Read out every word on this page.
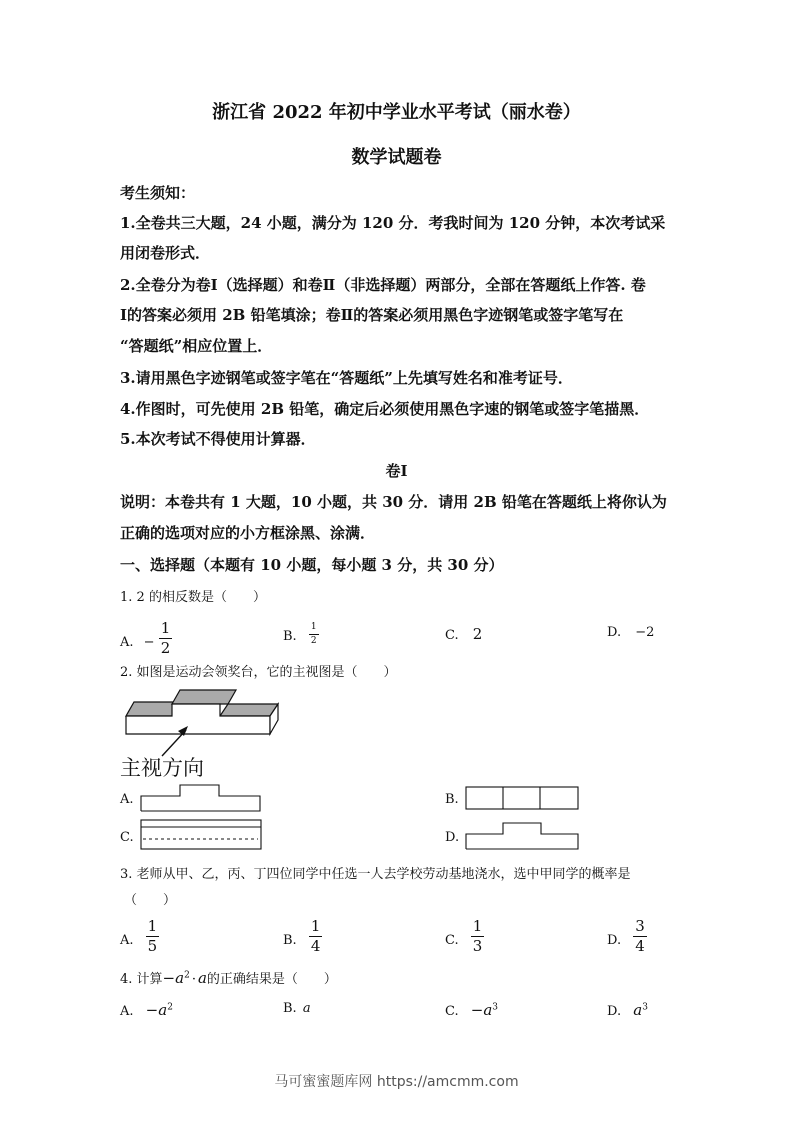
浙江省 2022 年初中学业水平考试（丽水卷）
数学试题卷
考生须知：
1.全卷共三大题，24 小题，满分为 120 分．考我时间为 120 分钟，本次考试采
用闭卷形式．
2.全卷分为卷Ⅰ（选择题）和卷Ⅱ（非选择题）两部分，全部在答题纸上作答. 卷
Ⅰ的答案必须用 2B 铅笔填涂；卷Ⅱ的答案必须用黑色字迹钢笔或签字笔写在
“答题纸”相应位置上．
3.请用黑色字迹钢笔或签字笔在“答题纸”上先填写姓名和准考证号．
4.作图时，可先使用 2B 铅笔，确定后必须使用黑色字速的钢笔或签字笔描黑．
5.本次考试不得使用计算器．
卷Ⅰ
说明：本卷共有 1 大题，10 小题，共 30 分．请用 2B 铅笔在答题纸上将你认为
正确的选项对应的小方框涂黑、涂满．
一、选择题（本题有 10 小题，每小题 3 分，共 30 分）
1. 2 的相反数是（　　）
A. − $\frac{1}{2}$	B. $\frac{1}{2}$	C. 2	D. −2
2. 如图是运动会领奖台，它的主视图是（　　）
主视方向
A.	B.
C.	D.
3. 老师从甲、乙，丙、丁四位同学中任选一人去学校劳动基地浇水，选中甲同学的概率是
（　　）
A. $\frac{1}{5}$	B. $\frac{1}{4}$	C. $\frac{1}{3}$	D. $\frac{3}{4}$
4. 计算$-a^2 \cdot a$的正确结果是（　　）
A. $-a^2$	B. a	C. $-a^3$	D. $a^3$
马可蜜蜜题库网 https://amcmm.com
